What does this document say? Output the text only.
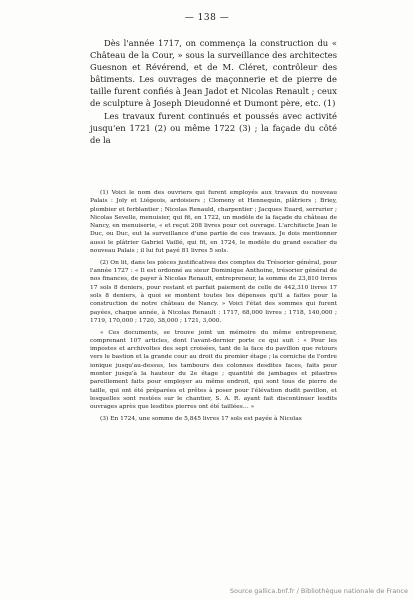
— 138 —

Dès l'année 1717, on commença la construction du « Château de la Cour, » sous la surveillance des architectes Guesnon et Révérend, et de M. Cléret, contrôleur des bâtiments. Les ouvrages de maçonnerie et de pierre de taille furent confiés à Jean Jadot et Nicolas Renault ; ceux de sculpture à Joseph Dieudonné et Dumont père, etc. (1)

Les travaux furent continués et poussés avec activité jusqu'en 1721 (2) ou même 1722 (3) ; la façade du côté de la

(1) Voici le nom des ouvriers qui furent employés aux travaux du nouveau Palais : Joly et Liégeois, ardoisiers ; Clomeny et Hennequin, plâtriers ; Briey, plombier et ferblantier ; Nicolas Renauld, charpentier ; Jacques Euard, serrurier ; Nicolas Sevelle, menuisier, qui fit, en 1722, un modèle de la façade du château de Nancy, en menuiserie, « et reçut 208 livres pour cet ouvrage. L'architecte Jean le Duc, ou Duc, eut la surveillance d'une partie de ces travaux. Je dois mentionner aussi le plâtrier Gabriel Vaillé, qui fit, en 1724, le modèle du grand escalier du nouveau Palais ; il lui fut payé 81 livres 5 sols.

(2) On lit, dans les pièces justificatives des comptes du Trésorier général, pour l'année 1727 : « Il est ordonné au sieur Dominique Anthoine, trésorier général de nos finances, de payer à Nicolas Renault, entrepreneur, la somme de 23,810 livres 17 sols 8 deniers, pour restant et parfait paiement de celle de 442,310 livres 17 sols 8 deniers, à quoi se montent toutes les dépenses qu'il a faites pour la construction de notre château de Nancy. » Voici l'état des sommes qui furent payées, chaque année, à Nicolas Renault : 1717, 68,000 livres ; 1718, 140,000 ; 1719, 170,000 ; 1720, 38,000 ; 1721, 3,000.

« Ces documents, se trouve joint un mémoire du même entrepreneur, comprenant 107 articles, dont l'avant-dernier porte ce qui suit : « Pour les impostes et archivoltes des sept croisées, tant de la face du pavillon que retours vers le bastion et la grande cour au droit du premier étage ; la corniche de l'ordre ionique jusqu'au-dessus, les tambours des colonnes desdites faces, faits pour monter jusqu'à la hauteur du 2e étage ; quantité de jambages et pilastres pareillement faits pour employer au même endroit, qui sont tous de pierre de taille, qui ont été préparées et prêtes à poser pour l'élévation dudit pavillon, et lesquelles sont restées sur le chantier, S. A. R. ayant fait discontinuer lesdits ouvrages après que lesdites pierres ont été taillées… »

(3) En 1724, une somme de 5,845 livres 17 sols est payée à Nicolas

Source gallica.bnf.fr / Bibliothèque nationale de France
